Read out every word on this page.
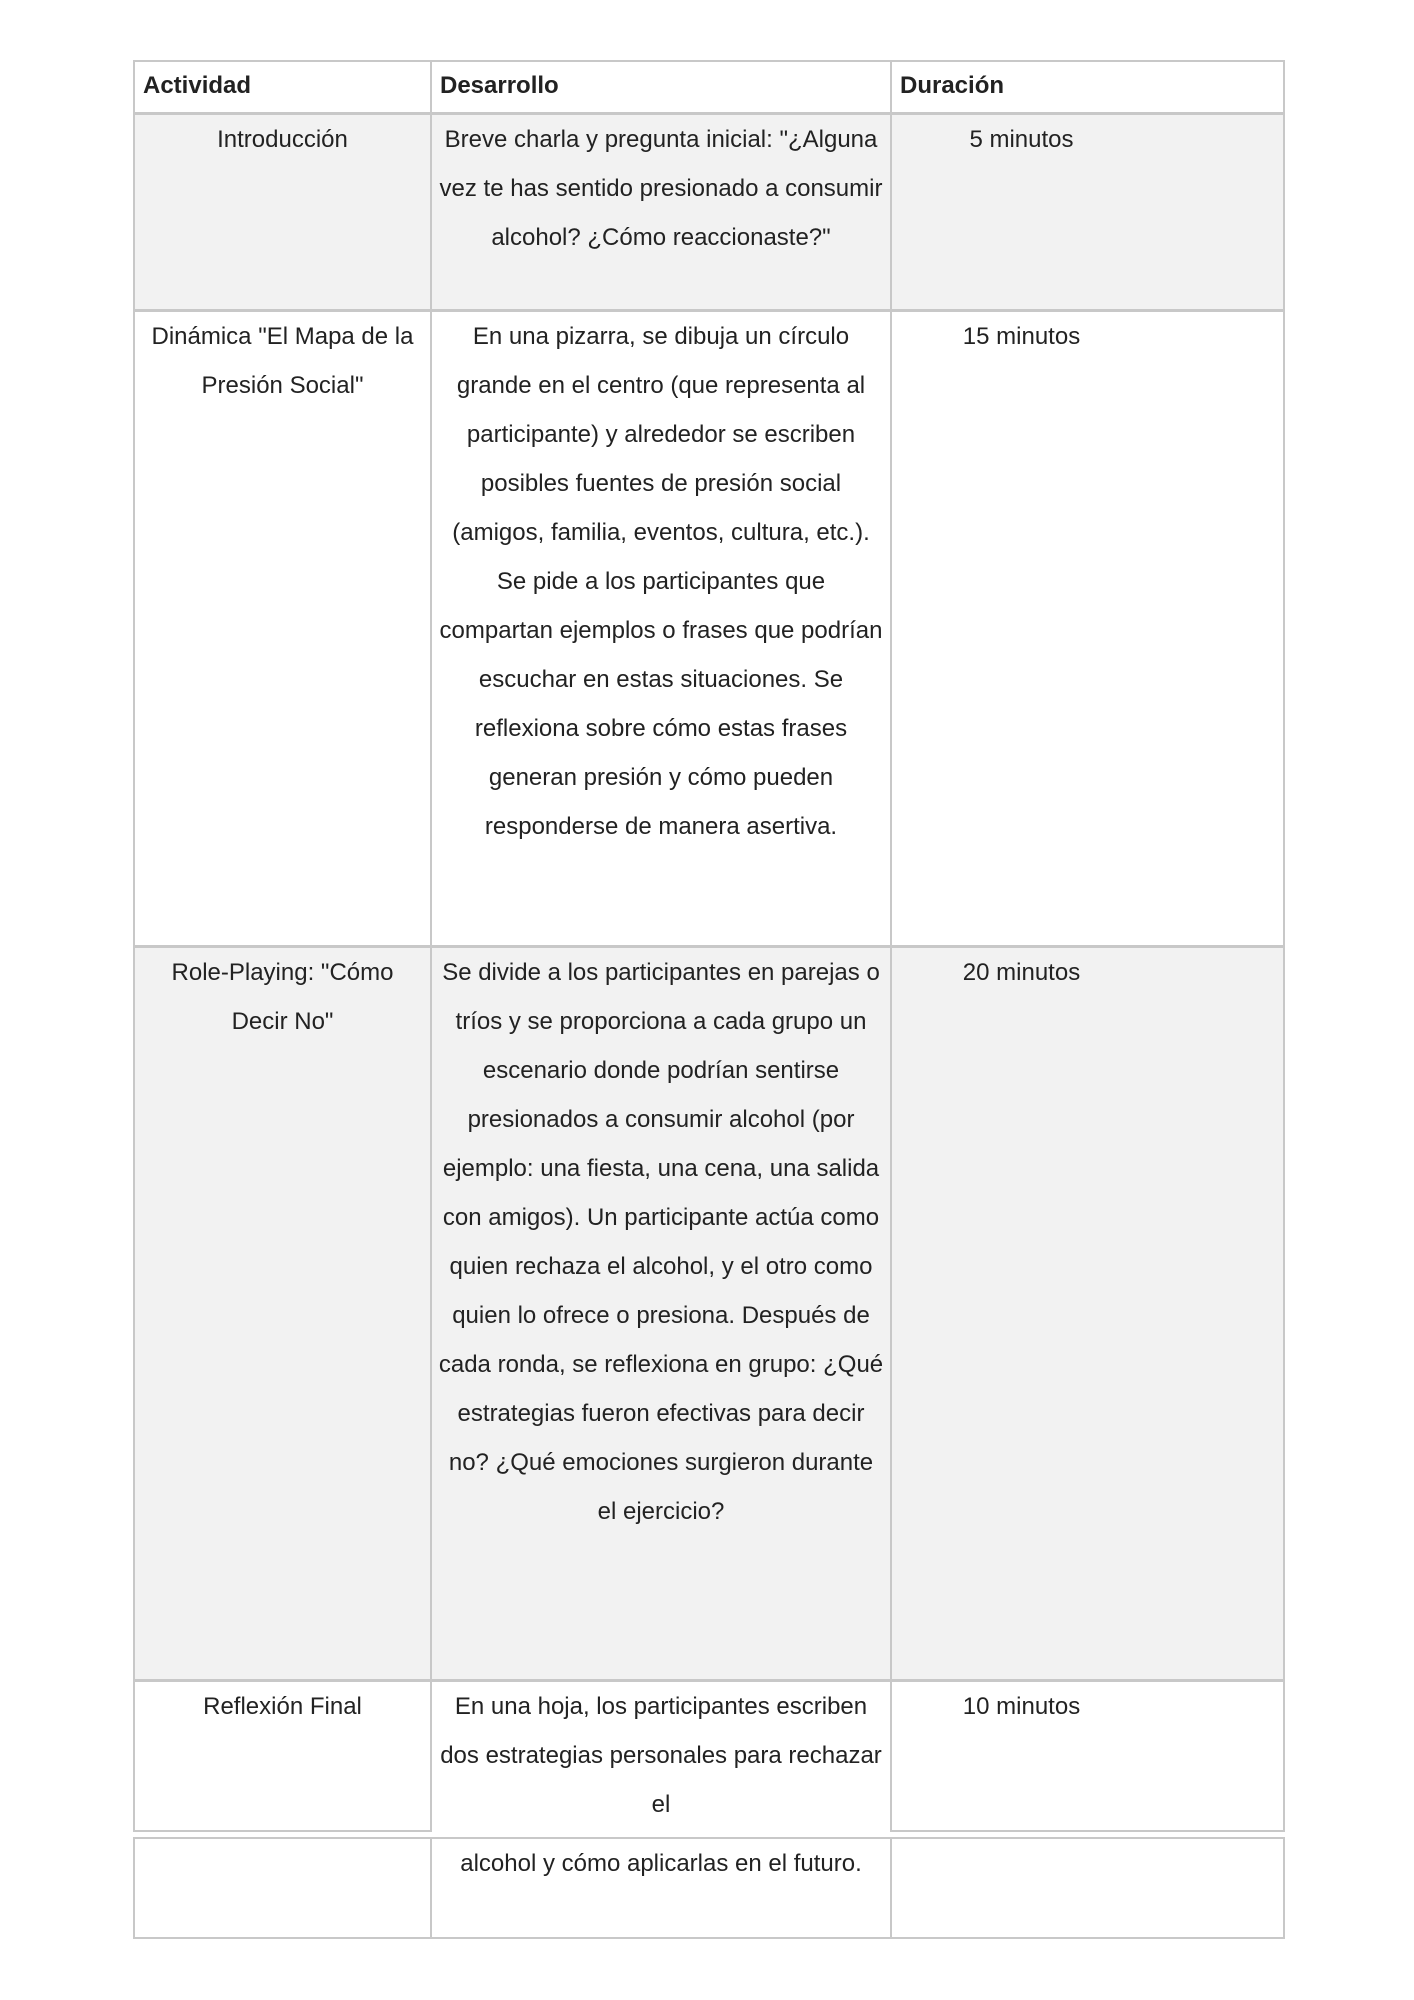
Actividad	Desarrollo	Duración
Introducción	Breve charla y pregunta inicial: "¿Alguna vez te has sentido presionado a consumir alcohol? ¿Cómo reaccionaste?"	5 minutos
Dinámica "El Mapa de la Presión Social"	En una pizarra, se dibuja un círculo grande en el centro (que representa al participante) y alrededor se escriben posibles fuentes de presión social (amigos, familia, eventos, cultura, etc.). Se pide a los participantes que compartan ejemplos o frases que podrían escuchar en estas situaciones. Se reflexiona sobre cómo estas frases generan presión y cómo pueden responderse de manera asertiva.	15 minutos
Role-Playing: "Cómo Decir No"	Se divide a los participantes en parejas o tríos y se proporciona a cada grupo un escenario donde podrían sentirse presionados a consumir alcohol (por ejemplo: una fiesta, una cena, una salida con amigos). Un participante actúa como quien rechaza el alcohol, y el otro como quien lo ofrece o presiona. Después de cada ronda, se reflexiona en grupo: ¿Qué estrategias fueron efectivas para decir no? ¿Qué emociones surgieron durante el ejercicio?	20 minutos
Reflexión Final	En una hoja, los participantes escriben dos estrategias personales para rechazar el	10 minutos
	alcohol y cómo aplicarlas en el futuro.	
